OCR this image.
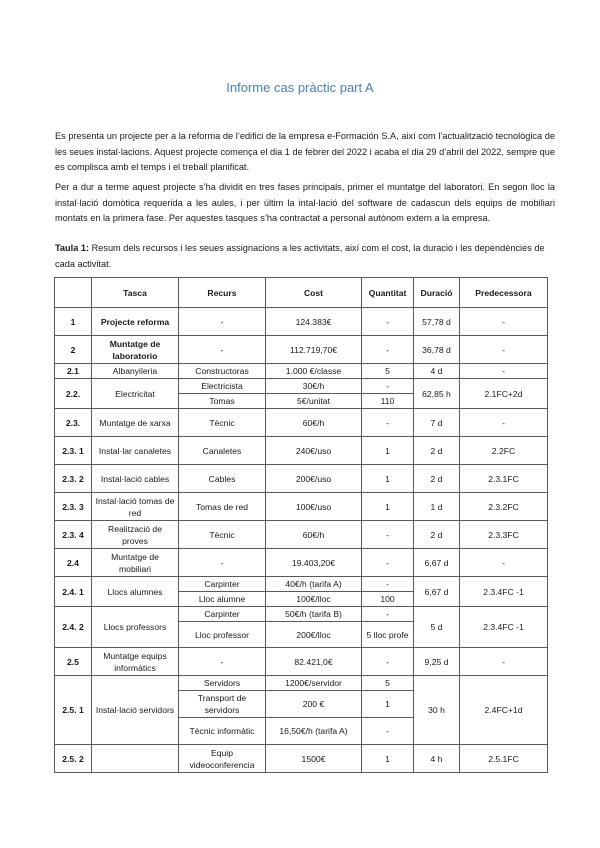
Informe cas pràctic part A

Es presenta un projecte per a la reforma de l’edifici de la empresa e-Formación S.A, així com l’actualització tecnològica de les seues instal·lacions. Aquest projecte comença el dia 1 de febrer del 2022 i acaba el dia 29 d’abril del 2022, sempre que es complisca amb el temps i el treball planificat.

Per a dur a terme aquest projecte s’ha dividit en tres fases principals, primer el muntatge del laboratori. En segon lloc la instal·lació domòtica requerida a les aules, i per últim la intal·lació del software de cadascun dels equips de mobiliari montats en la primera fase. Per aquestes tasques s’ha contractat a personal autònom extern a la empresa.

Taula 1: Resum dels recursos i les seues assignacions a les activitats, així com el cost, la duració i les dependències de cada activitat.

	Tasca	Recurs	Cost	Quantitat	Duració	Predecessora
1	Projecte reforma	-	124.383€	-	57,78 d	-
2	Muntatge de laboratorio	-	112.719,70€	-	36,78 d	-
2.1	Albanyileria	Constructoras	1.000 €/classe	5	4 d	-
2.2.	Electricitat	Electricista	30€/h	-	62,85 h	2.1FC+2d
		Tomas	5€/unitat	110		
2.3.	Muntatge de xarxa	Tècnic	60€/h	-	7 d	-
2.3. 1	Instal·lar canaletes	Canaletes	240€/uso	1	2 d	2.2FC
2.3. 2	Instal·lació cables	Cables	200€/uso	1	2 d	2.3.1FC
2.3. 3	Instal·lació tomas de red	Tomas de red	100€/uso	1	1 d	2.3.2FC
2.3. 4	Realització de proves	Tècnic	60€/h	-	2 d	2.3.3FC
2.4	Muntatge de mobiliari	-	19.403,20€	-	6,67 d	-
2.4. 1	Llocs alumnes	Carpinter	40€/h (tarifa A)	-	6,67 d	2.3.4FC -1
		Lloc alumne	100€/lloc	100		
2.4. 2	Llocs professors	Carpinter	50€/h (tarifa B)	-	5 d	2.3.4FC -1
		Lloc professor	200€/lloc	5 lloc profe		
2.5	Muntatge equips informàtics	-	82.421,0€	-	9,25 d	-
2.5. 1	Instal·lació servidors	Servidors	1200€/servidor	5	30 h	2.4FC+1d
		Transport de servidors	200 €	1		
		Tècnic informàtic	16,50€/h (tarifa A)	-		
2.5. 2		Equip videoconferencia	1500€	1	4 h	2.5.1FC
